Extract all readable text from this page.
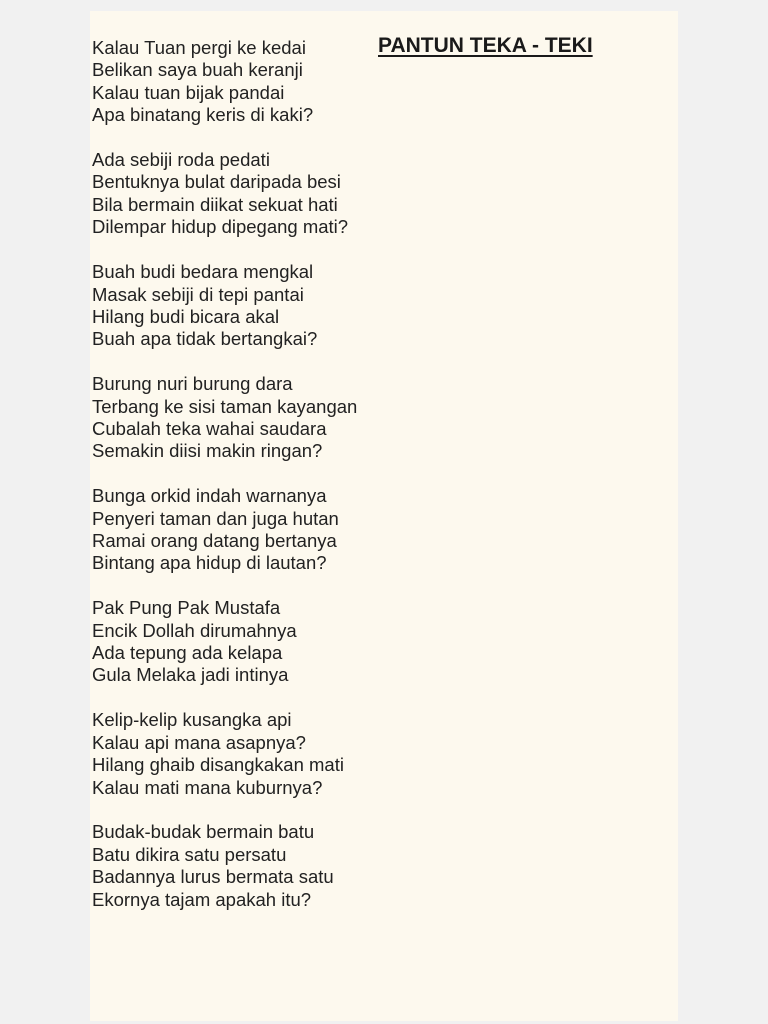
PANTUN TEKA - TEKI
Kalau Tuan pergi ke kedai
Belikan saya buah keranji
Kalau tuan bijak pandai
Apa binatang keris di kaki?
Ada sebiji roda pedati
Bentuknya bulat daripada besi
Bila bermain diikat sekuat hati
Dilempar hidup dipegang mati?
Buah budi bedara mengkal
Masak sebiji di tepi pantai
Hilang budi bicara akal
Buah apa tidak bertangkai?
Burung nuri burung dara
Terbang ke sisi taman kayangan
Cubalah teka wahai saudara
Semakin diisi makin ringan?
Bunga orkid indah warnanya
Penyeri taman dan juga hutan
Ramai orang datang bertanya
Bintang apa hidup di lautan?
Pak Pung Pak Mustafa
Encik Dollah dirumahnya
Ada tepung ada kelapa
Gula Melaka jadi intinya
Kelip-kelip kusangka api
Kalau api mana asapnya?
Hilang ghaib disangkakan mati
Kalau mati mana kuburnya?
Budak-budak bermain batu
Batu dikira satu persatu
Badannya lurus bermata satu
Ekornya tajam apakah itu?
